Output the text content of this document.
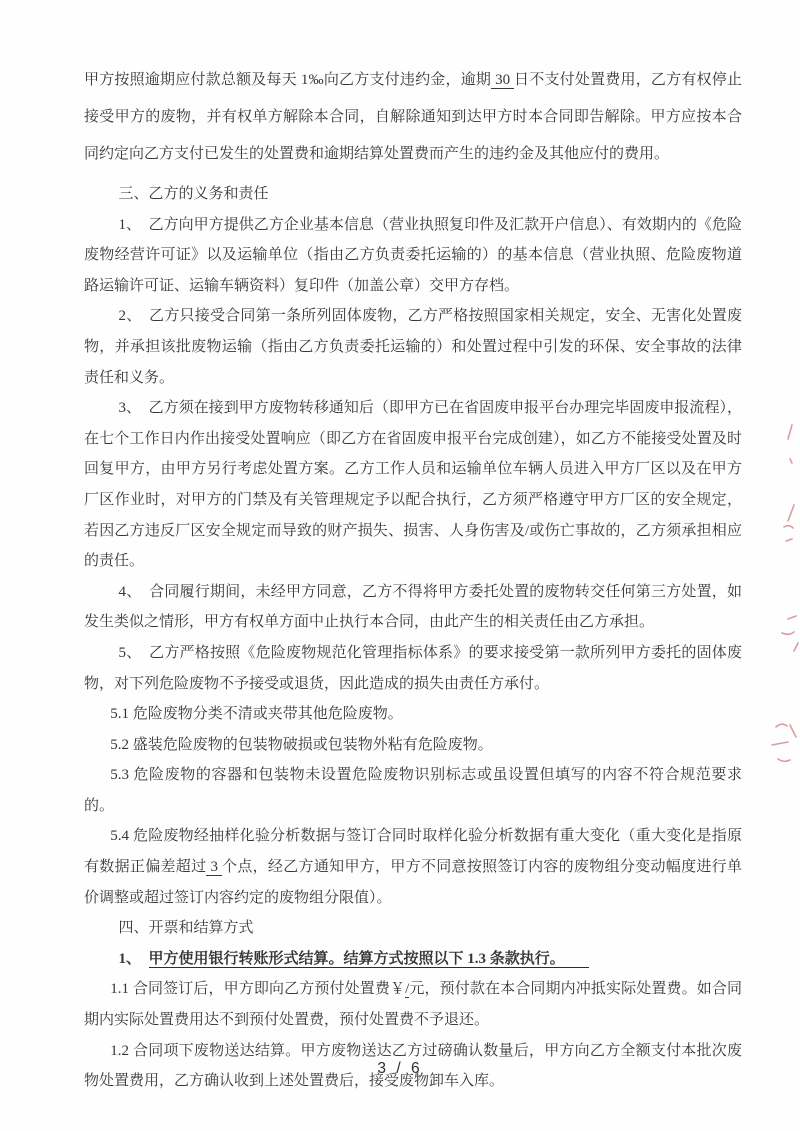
甲方按照逾期应付款总额及每天 1‰向乙方支付违约金，逾期 30 日不支付处置费用，乙方有权停止接受甲方的废物，并有权单方解除本合同，自解除通知到达甲方时本合同即告解除。甲方应按本合同约定向乙方支付已发生的处置费和逾期结算处置费而产生的违约金及其他应付的费用。

三、乙方的义务和责任

1、　乙方向甲方提供乙方企业基本信息（营业执照复印件及汇款开户信息）、有效期内的《危险废物经营许可证》以及运输单位（指由乙方负责委托运输的）的基本信息（营业执照、危险废物道路运输许可证、运输车辆资料）复印件（加盖公章）交甲方存档。

2、　乙方只接受合同第一条所列固体废物，乙方严格按照国家相关规定，安全、无害化处置废物，并承担该批废物运输（指由乙方负责委托运输的）和处置过程中引发的环保、安全事故的法律责任和义务。

3、　乙方须在接到甲方废物转移通知后（即甲方已在省固废申报平台办理完毕固废申报流程），在七个工作日内作出接受处置响应（即乙方在省固废申报平台完成创建），如乙方不能接受处置及时回复甲方，由甲方另行考虑处置方案。乙方工作人员和运输单位车辆人员进入甲方厂区以及在甲方厂区作业时，对甲方的门禁及有关管理规定予以配合执行，乙方须严格遵守甲方厂区的安全规定，若因乙方违反厂区安全规定而导致的财产损失、损害、人身伤害及/或伤亡事故的，乙方须承担相应的责任。

4、　合同履行期间，未经甲方同意，乙方不得将甲方委托处置的废物转交任何第三方处置，如发生类似之情形，甲方有权单方面中止执行本合同，由此产生的相关责任由乙方承担。

5、　乙方严格按照《危险废物规范化管理指标体系》的要求接受第一款所列甲方委托的固体废物，对下列危险废物不予接受或退货，因此造成的损失由责任方承付。

5.1 危险废物分类不清或夹带其他危险废物。

5.2 盛装危险废物的包装物破损或包装物外粘有危险废物。

5.3 危险废物的容器和包装物未设置危险废物识别标志或虽设置但填写的内容不符合规范要求的。

5.4 危险废物经抽样化验分析数据与签订合同时取样化验分析数据有重大变化（重大变化是指原有数据正偏差超过 3 个点，经乙方通知甲方，甲方不同意按照签订内容的废物组分变动幅度进行单价调整或超过签订内容约定的废物组分限值）。

四、开票和结算方式

1、　甲方使用银行转账形式结算。结算方式按照以下 1.3 条款执行。

1.1 合同签订后，甲方即向乙方预付处置费￥/元，预付款在本合同期内冲抵实际处置费。如合同期内实际处置费用达不到预付处置费，预付处置费不予退还。

1.2 合同项下废物送达结算。甲方废物送达乙方过磅确认数量后，甲方向乙方全额支付本批次废物处置费用，乙方确认收到上述处置费后，接受废物卸车入库。

3 / 6
